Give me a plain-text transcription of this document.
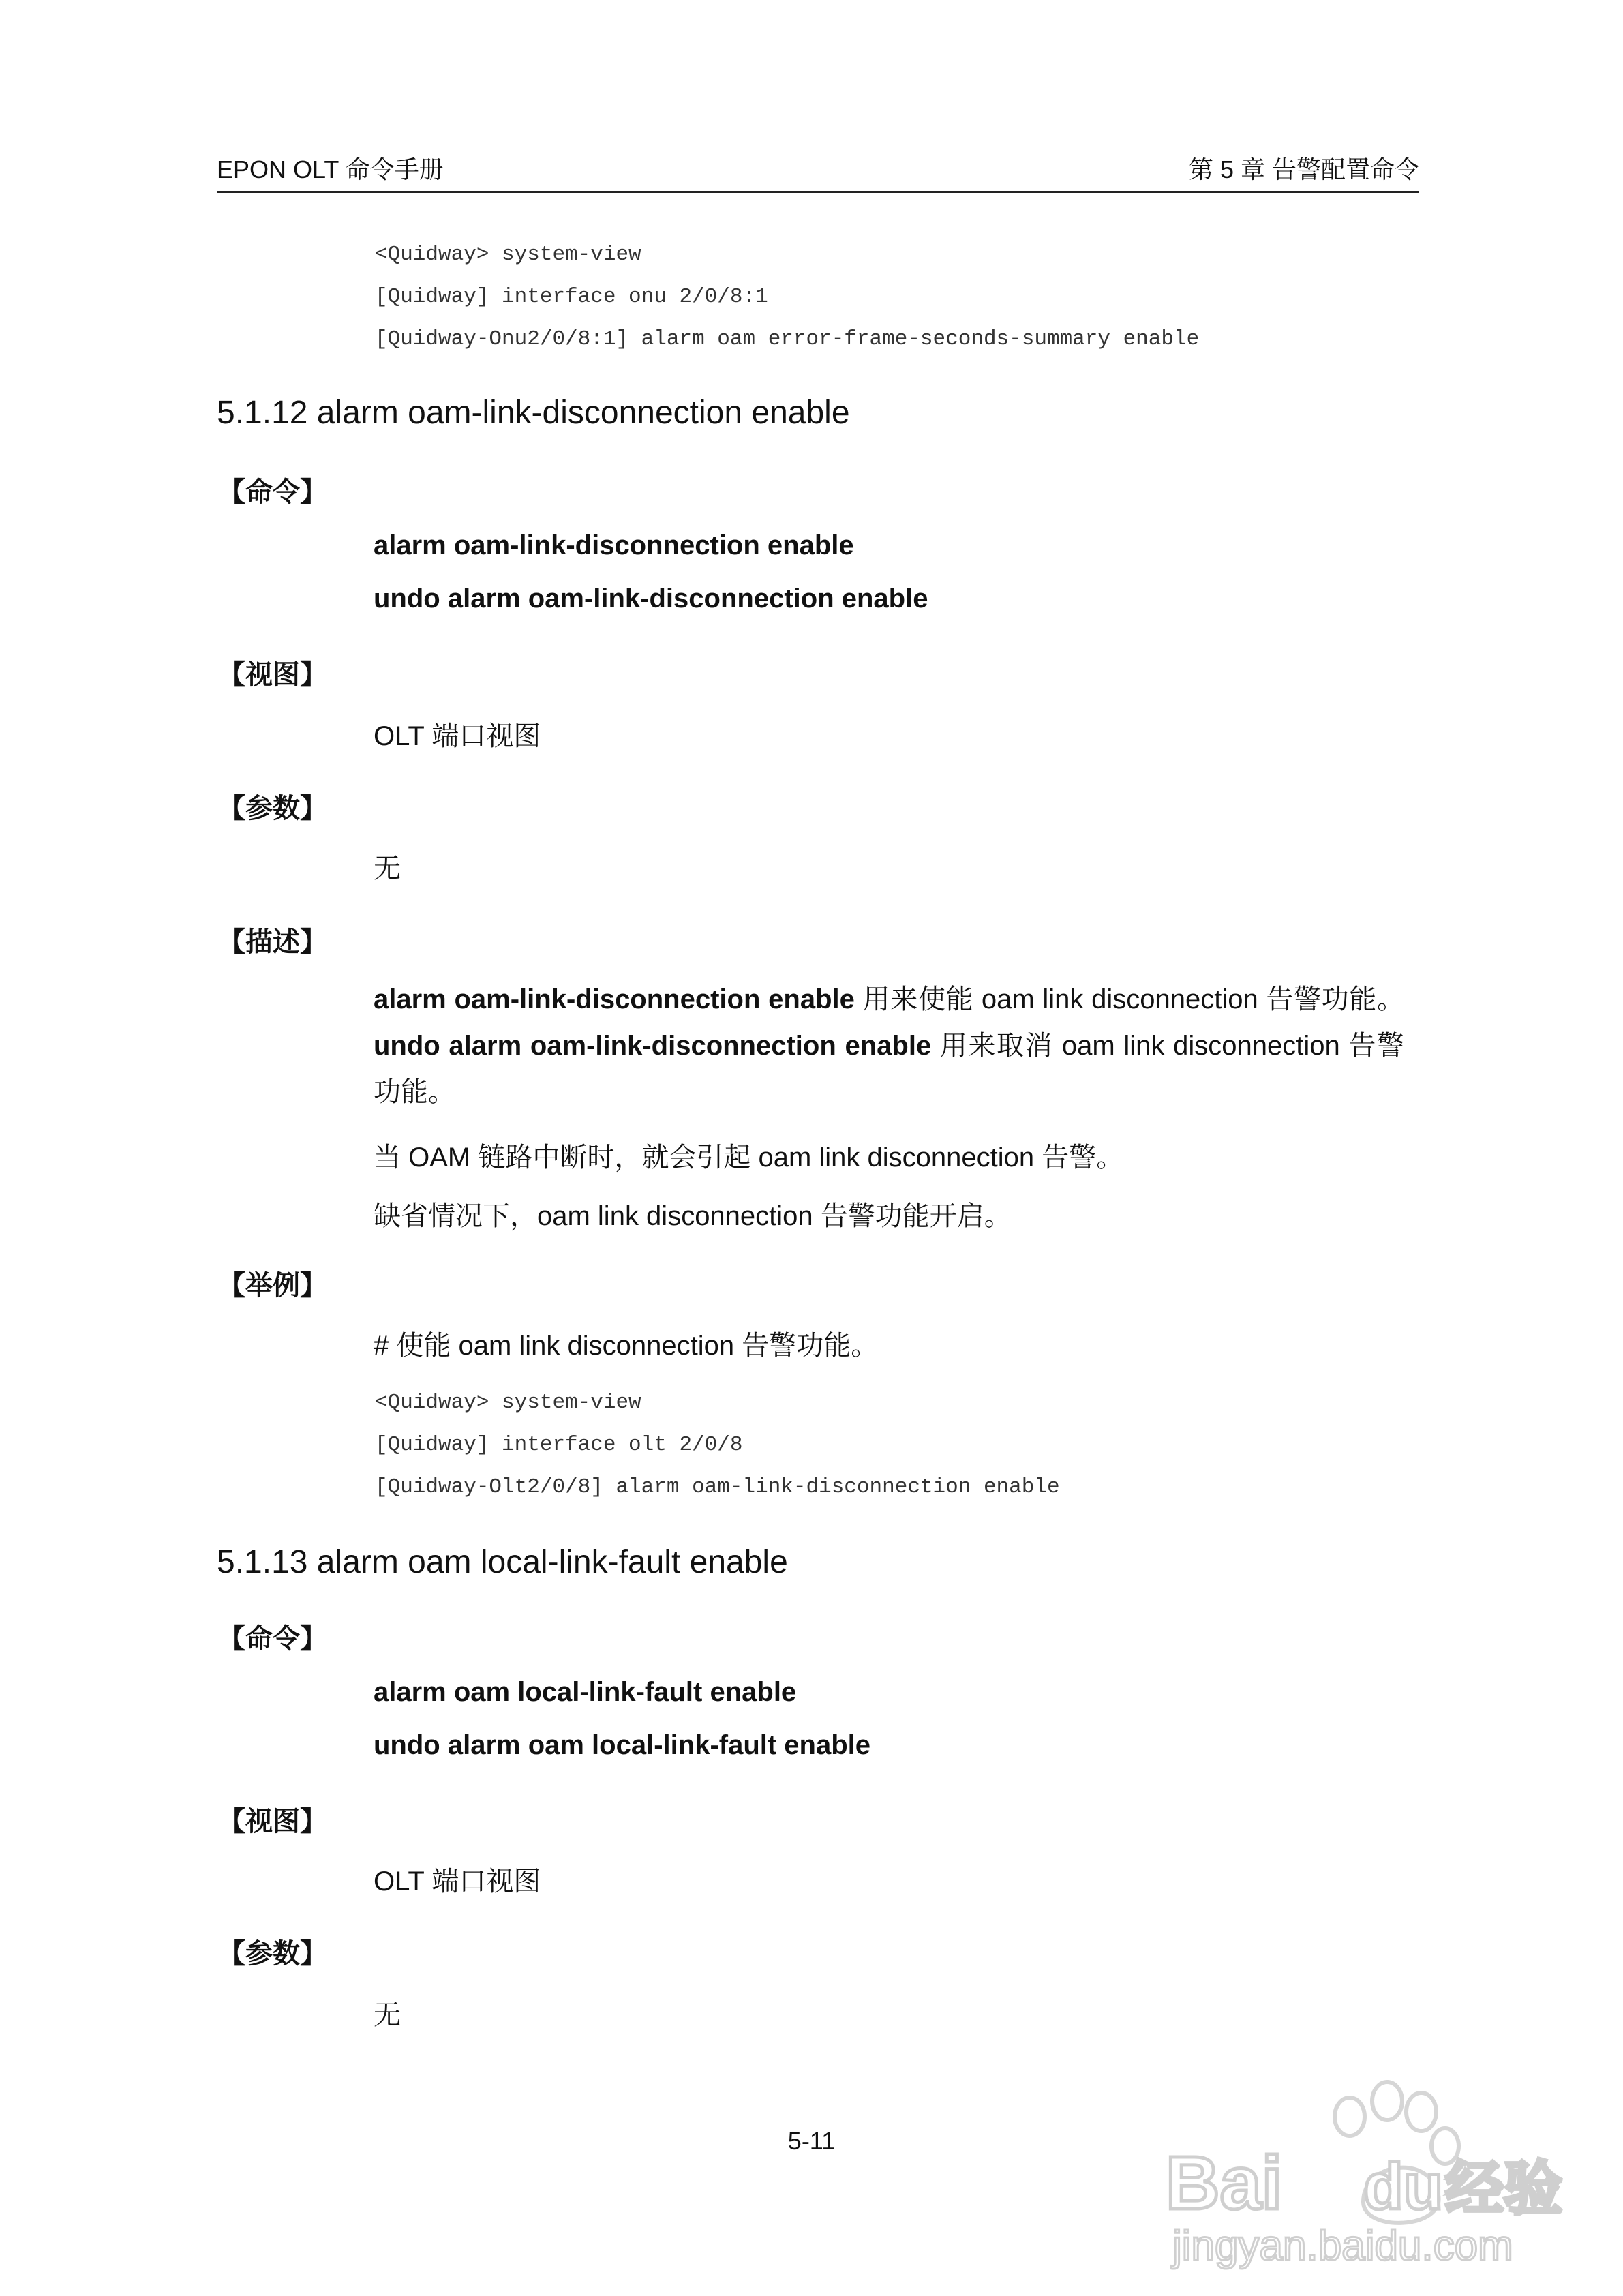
EPON OLT 命令手册	第 5 章 告警配置命令
<Quidway> system-view
[Quidway] interface onu 2/0/8:1
[Quidway-Onu2/0/8:1] alarm oam error-frame-seconds-summary enable
5.1.12 alarm oam-link-disconnection enable
【命令】
alarm oam-link-disconnection enable
undo alarm oam-link-disconnection enable
【视图】
OLT 端口视图
【参数】
无
【描述】
alarm oam-link-disconnection enable 用来使能 oam link disconnection 告警功能。 undo alarm oam-link-disconnection enable 用来取消 oam link disconnection 告警功能。
当 OAM 链路中断时，就会引起 oam link disconnection 告警。
缺省情况下，oam link disconnection 告警功能开启。
【举例】
# 使能 oam link disconnection 告警功能。
<Quidway> system-view
[Quidway] interface olt 2/0/8
[Quidway-Olt2/0/8] alarm oam-link-disconnection enable
5.1.13 alarm oam local-link-fault enable
【命令】
alarm oam local-link-fault enable
undo alarm oam local-link-fault enable
【视图】
OLT 端口视图
【参数】
无
5-11
Bai du 经验
jingyan.baidu.com
